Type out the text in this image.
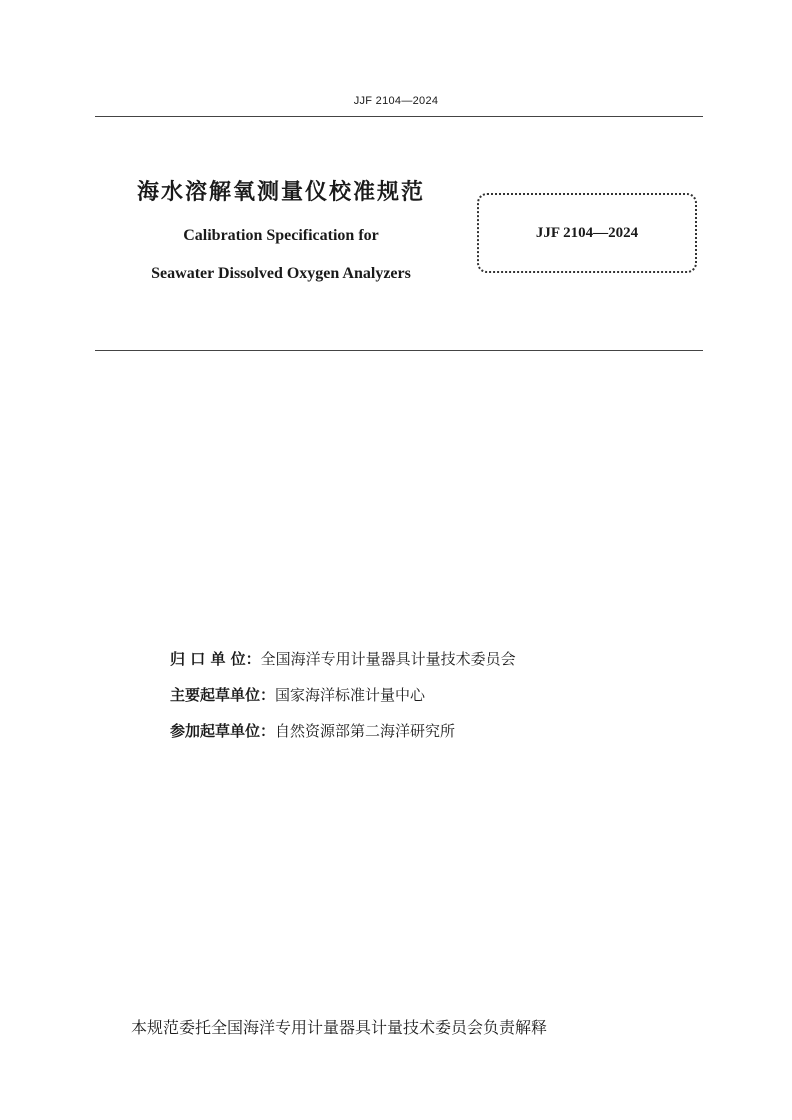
JJF 2104—2024
海水溶解氧测量仪校准规范
Calibration Specification for
Seawater Dissolved Oxygen Analyzers
JJF 2104—2024
归 口 单 位： 全国海洋专用计量器具计量技术委员会
主要起草单位： 国家海洋标准计量中心
参加起草单位： 自然资源部第二海洋研究所
本规范委托全国海洋专用计量器具计量技术委员会负责解释
